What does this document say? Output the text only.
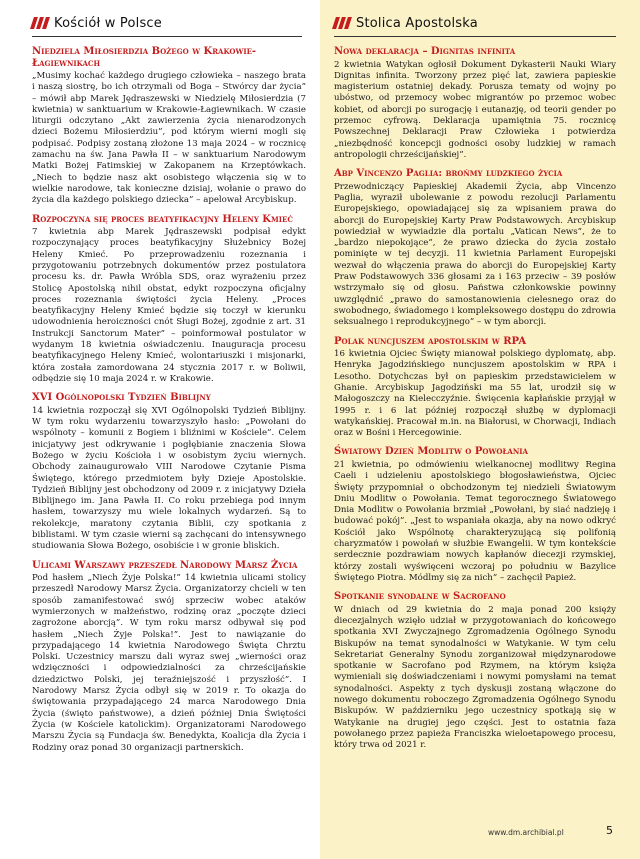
Kościół w Polsce	Stolica Apostolska
Niedziela Miłosierdzia Bożego w Krakowie-Łagiewnikach

„Musimy kochać każdego drugiego człowieka – naszego brata i naszą siostrę, bo ich otrzymali od Boga – Stwórcy dar życia” – mówił abp Marek Jędraszewski w Niedzielę Miłosierdzia (7 kwietnia) w sanktuarium w Krakowie-Łagiewnikach. W czasie liturgii odczytano „Akt zawierzenia życia nienarodzonych dzieci Bożemu Miłosierdziu”, pod którym wierni mogli się podpisać. Podpisy zostaną złożone 13 maja 2024 – w rocznicę zamachu na św. Jana Pawła II – w sanktuarium Narodowym Matki Bożej Fatimskiej w Zakopanem na Krzeptówkach. „Niech to będzie nasz akt osobistego włączenia się w to wielkie narodowe, tak konieczne dzisiaj, wołanie o prawo do życia dla każdego polskiego dziecka” – apelował Arcybiskup.

Rozpoczyna się proces beatyfikacyjny Heleny Kmieć

7 kwietnia abp Marek Jędraszewski podpisał edykt rozpoczynający proces beatyfikacyjny Służebnicy Bożej Heleny Kmieć. Po przeprowadzeniu rozeznania i przygotowaniu potrzebnych dokumentów przez postulatora procesu ks. dr. Pawła Wróbla SDS, oraz wyrażeniu przez Stolicę Apostolską nihil obstat, edykt rozpoczyna oficjalny proces rozeznania świętości życia Heleny. „Proces beatyfikacyjny Heleny Kmieć będzie się toczył w kierunku udowodnienia heroiczności cnót Sługi Bożej, zgodnie z art. 31 Instrukcji Sanctorum Mater” – poinformował postulator w wydanym 18 kwietnia oświadczeniu. Inauguracja procesu beatyfikacyjnego Heleny Kmieć, wolontariuszki i misjonarki, która została zamordowana 24 stycznia 2017 r. w Boliwii, odbędzie się 10 maja 2024 r. w Krakowie.

XVI Ogólnopolski Tydzień Biblijny

14 kwietnia rozpoczął się XVI Ogólnopolski Tydzień Biblijny. W tym roku wydarzeniu towarzyszyło hasło: „Powołani do wspólnoty – komunii z Bogiem i bliźnimi w Kościele”. Celem inicjatywy jest odkrywanie i pogłębianie znaczenia Słowa Bożego w życiu Kościoła i w osobistym życiu wiernych. Obchody zainaugurowało VIII Narodowe Czytanie Pisma Świętego, którego przedmiotem były Dzieje Apostolskie. Tydzień Biblijny jest obchodzony od 2009 r. z inicjatywy Dzieła Biblijnego im. Jana Pawła II. Co roku przebiega pod innym hasłem, towarzyszy mu wiele lokalnych wydarzeń. Są to rekolekcje, maratony czytania Biblii, czy spotkania z biblistami. W tym czasie wierni są zachęcani do intensywnego studiowania Słowa Bożego, osobiście i w gronie bliskich.

Ulicami Warszawy przeszedł Narodowy Marsz Życia

Pod hasłem „Niech Żyje Polska!” 14 kwietnia ulicami stolicy przeszedł Narodowy Marsz Życia. Organizatorzy chcieli w ten sposób zamanifestować swój sprzeciw wobec ataków wymierzonych w małżeństwo, rodzinę oraz „poczęte dzieci zagrożone aborcją”. W tym roku marsz odbywał się pod hasłem „Niech Żyje Polska!”. Jest to nawiązanie do przypadającego 14 kwietnia Narodowego Święta Chrztu Polski. Uczestnicy marszu dali wyraz swej „wierności oraz wdzięczności i odpowiedzialności za chrześcijańskie dziedzictwo Polski, jej teraźniejszość i przyszłość”. I Narodowy Marsz Życia odbył się w 2019 r. To okazja do świętowania przypadającego 24 marca Narodowego Dnia Życia (święto państwowe), a dzień później Dnia Świętości Życia (w Kościele katolickim). Organizatorami Narodowego Marszu Życia są Fundacja św. Benedykta, Koalicja dla Życia i Rodziny oraz ponad 30 organizacji partnerskich.

Nowa deklaracja – Dignitas infinita

2 kwietnia Watykan ogłosił Dokument Dykasterii Nauki Wiary Dignitas infinita. Tworzony przez pięć lat, zawiera papieskie magisterium ostatniej dekady. Porusza tematy od wojny po ubóstwo, od przemocy wobec migrantów po przemoc wobec kobiet, od aborcji po surogację i eutanazję, od teorii gender po przemoc cyfrową. Deklaracja upamiętnia 75. rocznicę Powszechnej Deklaracji Praw Człowieka i potwierdza „niezbędność koncepcji godności osoby ludzkiej w ramach antropologii chrześcijańskiej”.

Abp Vincenzo Paglia: brońmy ludzkiego życia

Przewodniczący Papieskiej Akademii Życia, abp Vincenzo Paglia, wyraził ubolewanie z powodu rezolucji Parlamentu Europejskiego, opowiadającej się za wpisaniem prawa do aborcji do Europejskiej Karty Praw Podstawowych. Arcybiskup powiedział w wywiadzie dla portalu „Vatican News”, że to „bardzo niepokojące”, że prawo dziecka do życia zostało pominięte w tej decyzji. 11 kwietnia Parlament Europejski wezwał do włączenia prawa do aborcji do Europejskiej Karty Praw Podstawowych 336 głosami za i 163 przeciw – 39 posłów wstrzymało się od głosu. Państwa członkowskie powinny uwzględnić „prawo do samostanowienia cielesnego oraz do swobodnego, świadomego i kompleksowego dostępu do zdrowia seksualnego i reprodukcyjnego” – w tym aborcji.

Polak nuncjuszem apostolskim w RPA

16 kwietnia Ojciec Święty mianował polskiego dyplomatę, abp. Henryka Jagodzińskiego nuncjuszem apostolskim w RPA i Lesotho. Dotychczas był on papieskim przedstawicielem w Ghanie. Arcybiskup Jagodziński ma 55 lat, urodził się w Małogoszczy na Kielecczyźnie. Święcenia kapłańskie przyjął w 1995 r. i 6 lat później rozpoczął służbę w dyplomacji watykańskiej. Pracował m.in. na Białorusi, w Chorwacji, Indiach oraz w Bośni i Hercegowinie.

Światowy Dzień Modlitw o Powołania

21 kwietnia, po odmówieniu wielkanocnej modlitwy Regina Caeli i udzieleniu apostolskiego błogosławieństwa, Ojciec Święty przypomniał o obchodzonym tej niedzieli Światowym Dniu Modlitw o Powołania. Temat tegorocznego Światowego Dnia Modlitw o Powołania brzmiał „Powołani, by siać nadzieję i budować pokój”. „Jest to wspaniała okazja, aby na nowo odkryć Kościół jako Wspólnotę charakteryzującą się polifonią charyzmatów i powołań w służbie Ewangelii. W tym kontekście serdecznie pozdrawiam nowych kapłanów diecezji rzymskiej, którzy zostali wyświęceni wczoraj po południu w Bazylice Świętego Piotra. Módlmy się za nich” – zachęcił Papież.

Spotkanie synodalne w Sacrofano

W dniach od 29 kwietnia do 2 maja ponad 200 księży diecezjalnych wzięło udział w przygotowaniach do końcowego spotkania XVI Zwyczajnego Zgromadzenia Ogólnego Synodu Biskupów na temat synodalności w Watykanie. W tym celu Sekretariat Generalny Synodu zorganizował międzynarodowe spotkanie w Sacrofano pod Rzymem, na którym księża wymieniali się doświadczeniami i nowymi pomysłami na temat synodalności. Aspekty z tych dyskusji zostaną włączone do nowego dokumentu roboczego Zgromadzenia Ogólnego Synodu Biskupów. W październiku jego uczestnicy spotkają się w Watykanie na drugiej jego części. Jest to ostatnia faza powołanego przez papieża Franciszka wieloetapowego procesu, który trwa od 2021 r.

www.dm.archibial.pl	5
